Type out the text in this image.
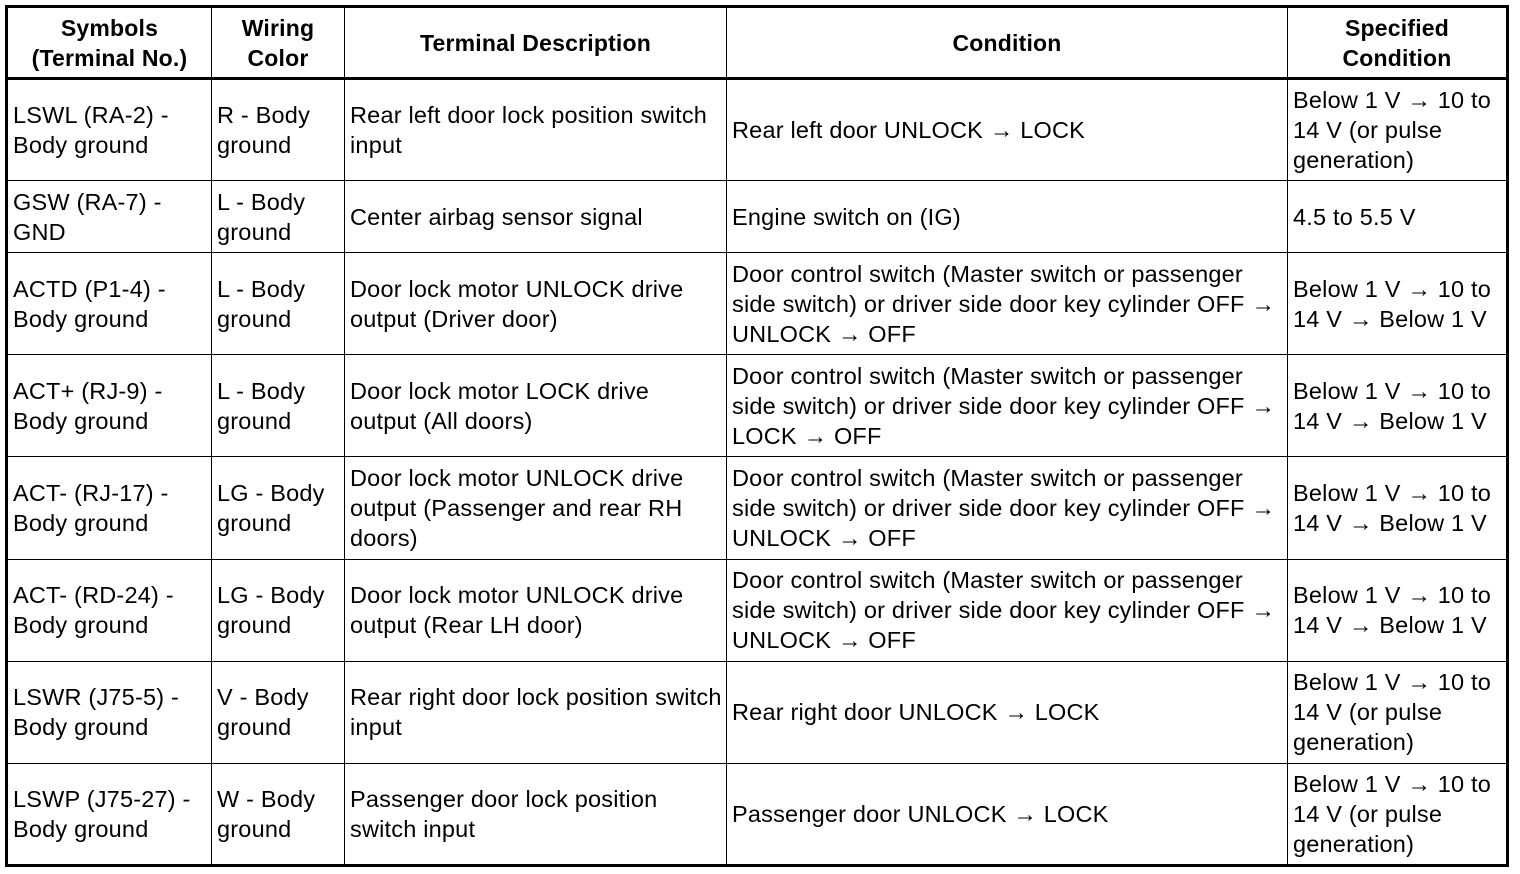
Symbols (Terminal No.)	Wiring Color	Terminal Description	Condition	Specified Condition
LSWL (RA-2) - Body ground	R - Body ground	Rear left door lock position switch input	Rear left door UNLOCK → LOCK	Below 1 V → 10 to 14 V (or pulse generation)
GSW (RA-7) - GND	L - Body ground	Center airbag sensor signal	Engine switch on (IG)	4.5 to 5.5 V
ACTD (P1-4) - Body ground	L - Body ground	Door lock motor UNLOCK drive output (Driver door)	Door control switch (Master switch or passenger side switch) or driver side door key cylinder OFF → UNLOCK → OFF	Below 1 V → 10 to 14 V → Below 1 V
ACT+ (RJ-9) - Body ground	L - Body ground	Door lock motor LOCK drive output (All doors)	Door control switch (Master switch or passenger side switch) or driver side door key cylinder OFF → LOCK → OFF	Below 1 V → 10 to 14 V → Below 1 V
ACT- (RJ-17) - Body ground	LG - Body ground	Door lock motor UNLOCK drive output (Passenger and rear RH doors)	Door control switch (Master switch or passenger side switch) or driver side door key cylinder OFF → UNLOCK → OFF	Below 1 V → 10 to 14 V → Below 1 V
ACT- (RD-24) - Body ground	LG - Body ground	Door lock motor UNLOCK drive output (Rear LH door)	Door control switch (Master switch or passenger side switch) or driver side door key cylinder OFF → UNLOCK → OFF	Below 1 V → 10 to 14 V → Below 1 V
LSWR (J75-5) - Body ground	V - Body ground	Rear right door lock position switch input	Rear right door UNLOCK → LOCK	Below 1 V → 10 to 14 V (or pulse generation)
LSWP (J75-27) - Body ground	W - Body ground	Passenger door lock position switch input	Passenger door UNLOCK → LOCK	Below 1 V → 10 to 14 V (or pulse generation)
